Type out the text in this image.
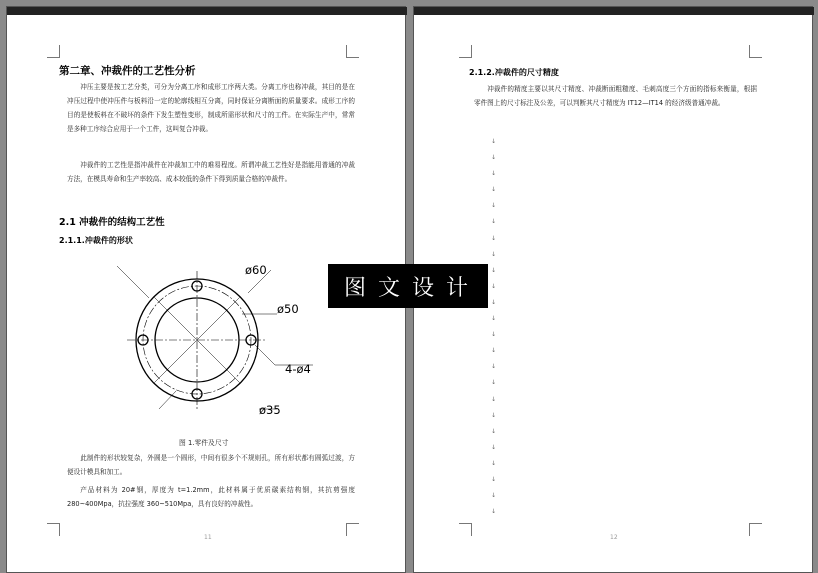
第二章、冲裁件的工艺性分析

冲压主要是按工艺分类，可分为分离工序和成形工序两大类。分离工序也称冲裁，其目的是在冲压过程中使冲压件与板料沿一定的轮廓线相互分离，同时保证分离断面的质量要求。成形工序的目的是使板料在不破坏的条件下发生塑性变形，制成所需形状和尺寸的工件。在实际生产中，常常是多种工序综合应用于一个工件，这叫复合冲裁。

冲裁件的工艺性是指冲裁件在冲裁加工中的难易程度。所谓冲裁工艺性好是指能用普通的冲裁方法，在模具寿命和生产率较高、成本较低的条件下得到质量合格的冲裁件。

2.1 冲裁件的结构工艺性
2.1.1.冲裁件的形状
ø60
ø50
4-ø4
ø35
图 1.零件及尺寸

此制件的形状较复杂，外圆是一个圆形，中间有很多个不规则孔，所有形状都有圆弧过渡，方便设计模具和加工。

产品材料为 20#钢，厚度为 t=1.2mm，此材料属于优质碳素结构钢，其抗剪强度 280~400Mpa，抗拉强度 360~510Mpa，具有良好的冲裁性。

11
2.1.2.冲裁件的尺寸精度

冲裁件的精度主要以其尺寸精度、冲裁断面粗糙度、毛刺高度三个方面的指标来衡量，根据零件图上的尺寸标注及公差，可以判断其尺寸精度为 IT12—IT14 的经济级普通冲裁。

↓
↓
↓
↓
↓
↓
↓
↓
↓
↓
↓
↓
↓
↓
↓
↓
↓
↓
↓
↓
↓
↓
↓
↓
12
图文设计
